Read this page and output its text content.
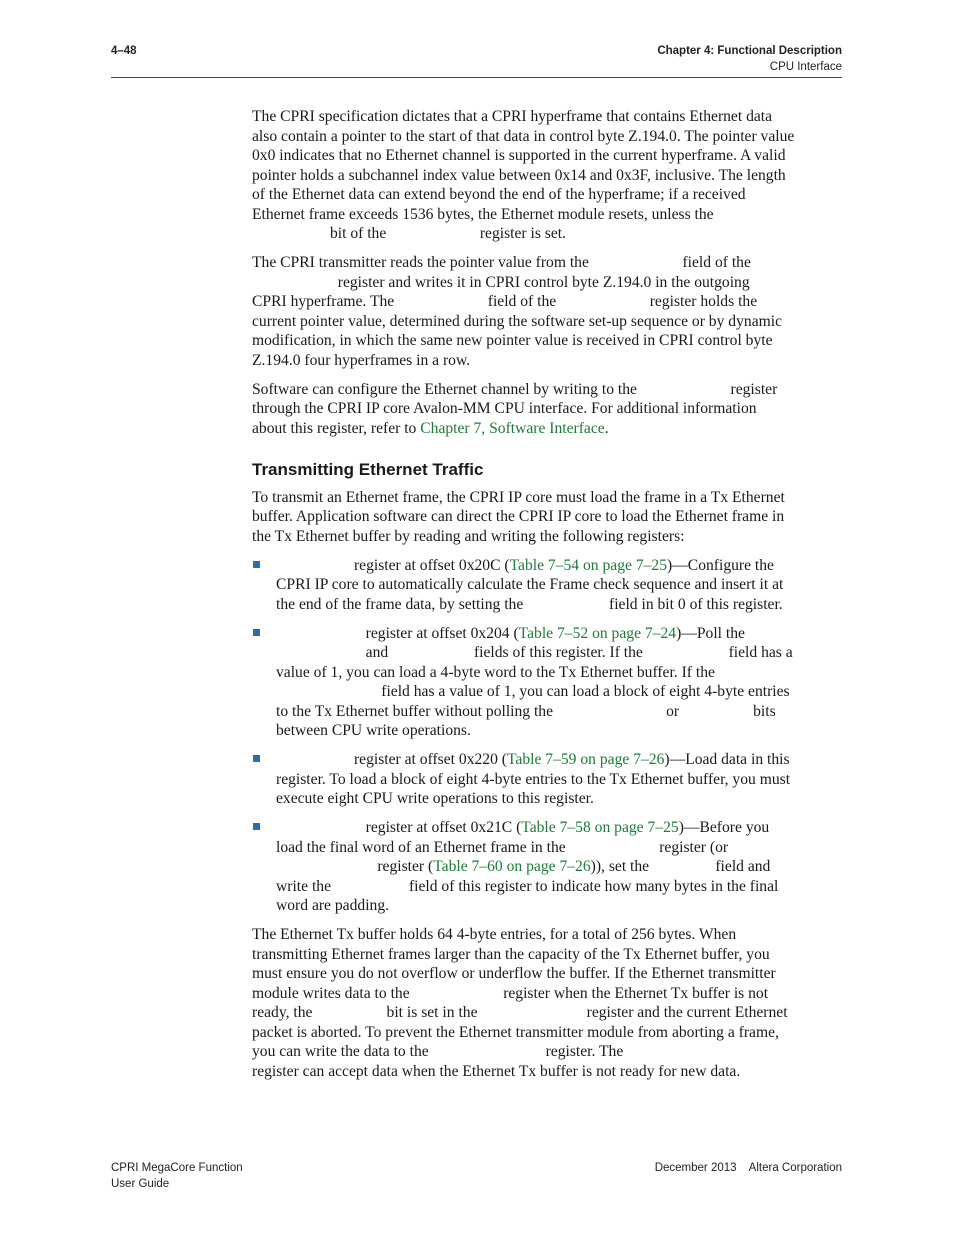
4–48	Chapter 4: Functional Description
CPU Interface
The CPRI specification dictates that a CPRI hyperframe that contains Ethernet data
also contain a pointer to the start of that data in control byte Z.194.0. The pointer value
0x0 indicates that no Ethernet channel is supported in the current hyperframe. A valid
pointer holds a subchannel index value between 0x14 and 0x3F, inclusive. The length
of the Ethernet data can extend beyond the end of the hyperframe; if a received
Ethernet frame exceeds 1536 bytes, the Ethernet module resets, unless the
bit of the                        register is set.
The CPRI transmitter reads the pointer value from the                        field of the
register and writes it in CPRI control byte Z.194.0 in the outgoing
CPRI hyperframe. The                        field of the                        register holds the
current pointer value, determined during the software set-up sequence or by dynamic
modification, in which the same new pointer value is received in CPRI control byte
Z.194.0 four hyperframes in a row.
Software can configure the Ethernet channel by writing to the                        register
through the CPRI IP core Avalon-MM CPU interface. For additional information
about this register, refer to Chapter 7, Software Interface.
Transmitting Ethernet Traffic
To transmit an Ethernet frame, the CPRI IP core must load the frame in a Tx Ethernet
buffer. Application software can direct the CPRI IP core to load the Ethernet frame in
the Tx Ethernet buffer by reading and writing the following registers:
register at offset 0x20C (Table 7–54 on page 7–25)—Configure the
CPRI IP core to automatically calculate the Frame check sequence and insert it at
the end of the frame data, by setting the                      field in bit 0 of this register.
register at offset 0x204 (Table 7–52 on page 7–24)—Poll the
and                      fields of this register. If the                      field has a
value of 1, you can load a 4-byte word to the Tx Ethernet buffer. If the
field has a value of 1, you can load a block of eight 4-byte entries
to the Tx Ethernet buffer without polling the                             or                   bits
between CPU write operations.
register at offset 0x220 (Table 7–59 on page 7–26)—Load data in this
register. To load a block of eight 4-byte entries to the Tx Ethernet buffer, you must
execute eight CPU write operations to this register.
register at offset 0x21C (Table 7–58 on page 7–25)—Before you
load the final word of an Ethernet frame in the                        register (or
register (Table 7–60 on page 7–26)), set the                 field and
write the                    field of this register to indicate how many bytes in the final
word are padding.
The Ethernet Tx buffer holds 64 4-byte entries, for a total of 256 bytes. When
transmitting Ethernet frames larger than the capacity of the Tx Ethernet buffer, you
must ensure you do not overflow or underflow the buffer. If the Ethernet transmitter
module writes data to the                        register when the Ethernet Tx buffer is not
ready, the                   bit is set in the                            register and the current Ethernet
packet is aborted. To prevent the Ethernet transmitter module from aborting a frame,
you can write the data to the                              register. The
register can accept data when the Ethernet Tx buffer is not ready for new data.
CPRI MegaCore Function
User Guide
December 2013    Altera Corporation
